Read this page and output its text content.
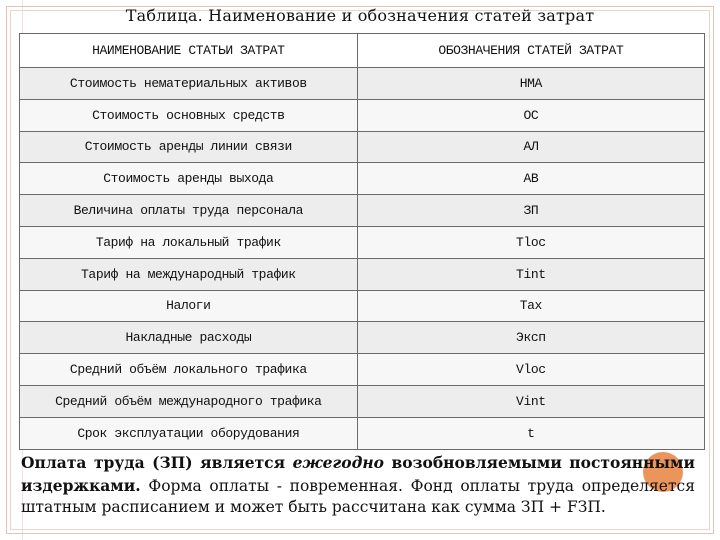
Таблица. Наименование и обозначения статей затрат
НАИМЕНОВАНИЕ СТАТЬИ ЗАТРАТ	ОБОЗНАЧЕНИЯ СТАТЕЙ ЗАТРАТ
Стоимость нематериальных активов	НМА
Стоимость основных средств	ОС
Стоимость аренды линии связи	АЛ
Стоимость аренды выхода	АВ
Величина оплаты труда персонала	ЗП
Тариф на локальный трафик	Tloc
Тариф на международный трафик	Tint
Налоги	Tax
Накладные расходы	Эксп
Средний объём локального трафика	Vloc
Средний объём международного трафика	Vint
Срок эксплуатации оборудования	t

Оплата труда (ЗП) является ежегодно возобновляемыми постоянными издержками. Форма оплаты - повременная. Фонд оплаты труда определяется штатным расписанием и может быть рассчитана как сумма ЗП + FЗП.
